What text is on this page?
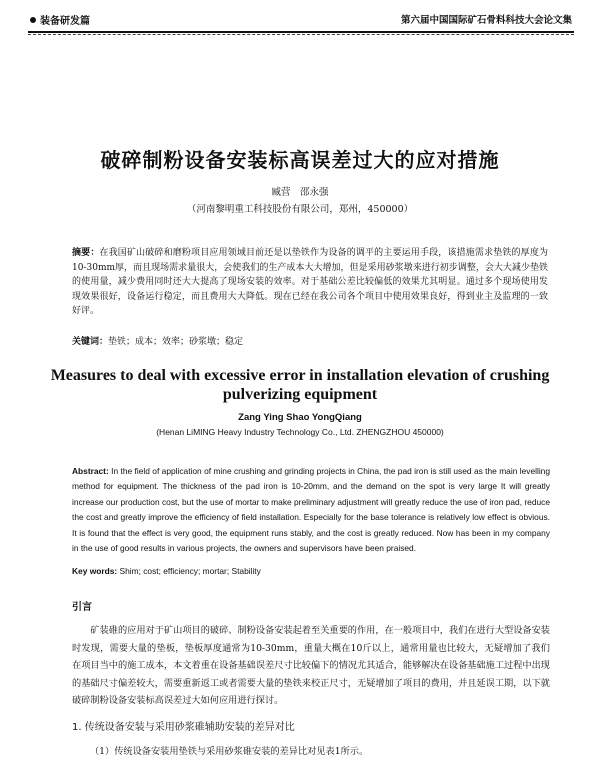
装备研发篇	第六届中国国际矿石骨料科技大会论文集
破碎制粉设备安装标高误差过大的应对措施
臧营　邵永强
（河南黎明重工科技股份有限公司，郑州，450000）
摘要：在我国矿山破碎和磨粉项目应用领域目前还是以垫铁作为设备的调平的主要运用手段，该措施需求垫铁的厚度为10-30mm厚，而且现场需求量很大，会使我们的生产成本大大增加，但是采用砂浆墩来进行初步调整，会大大减少垫铁的使用量，减少费用同时还大大提高了现场安装的效率。对于基础公差比较偏低的效果尤其明显。通过多个现场使用发现效果很好，设备运行稳定，而且费用大大降低。现在已经在我公司各个项目中使用效果良好，得到业主及监理的一致好评。
关键词：垫铁；成本；效率；砂浆墩；稳定
Measures to deal with excessive error in installation elevation of crushing pulverizing equipment
Zang Ying Shao YongQiang
(Henan LiMING Heavy Industry Technology Co., Ltd. ZHENGZHOU 450000)
Abstract: In the field of application of mine crushing and grinding projects in China, the pad iron is still used as the main levelling method for equipment. The thickness of the pad iron is 10-20mm, and the demand on the spot is very large It will greatly increase our production cost, but the use of mortar to make preliminary adjustment will greatly reduce the use of iron pad, reduce the cost and greatly improve the efficiency of field installation. Especially for the base tolerance is relatively low effect is obvious. It is found that the effect is very good, the equipment runs stably, and the cost is greatly reduced. Now has been in my company in the use of good results in various projects, the owners and supervisors have been praised.
Key words: Shim; cost; efficiency; mortar; Stability
引言
矿装碓的应用对于矿山项目的破碎、制粉设备安装起着至关重要的作用，在一般项目中，我们在进行大型设备安装时发现，需要大量的垫板，垫板厚度通常为10-30mm，重量大概在10斤以上，通常用量也比较大，无疑增加了我们在项目当中的施工成本，本文着重在设备基础误差尺寸比较偏下的情况尤其适合，能够解决在设备基础施工过程中出现的基础尺寸偏差较大，需要重新返工或者需要大量的垫铁来校正尺寸，无疑增加了项目的费用，并且延误工期，以下就破碎制粉设备安装标高误差过大如何应用进行探讨。
1. 传统设备安装与采用砂浆碓辅助安装的差异对比
（1）传统设备安装用垫铁与采用砂浆碓安装的差异比对见表1所示。
